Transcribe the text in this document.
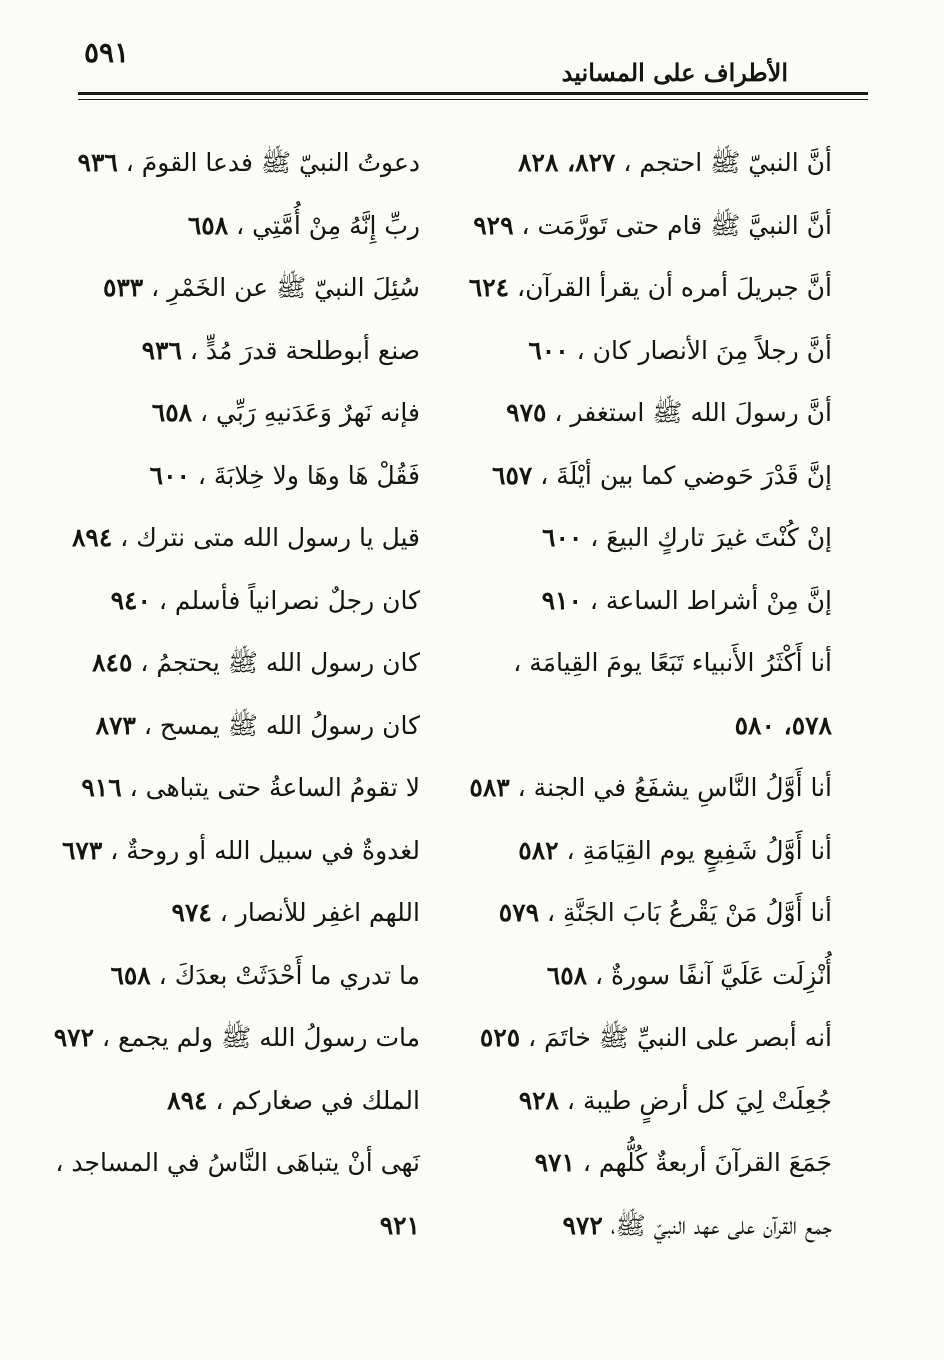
٥٩١
الأطراف على المسانيد
أنَّ النبيّ ﷺ احتجم ، ٨٢٧، ٨٢٨
أنَّ النبيَّ ﷺ قام حتى تَورَّمَت ، ٩٢٩
أنَّ جبريلَ أمره أن يقرأ القرآن، ٦٢٤
أنَّ رجلاً مِنَ الأنصار كان ، ٦٠٠
أنَّ رسولَ الله ﷺ استغفر ، ٩٧٥
إنَّ قَدْرَ حَوضي كما بين أيْلَةَ ، ٦٥٧
إنْ كُنْتَ غيرَ تاركٍ البيعَ ، ٦٠٠
إنَّ مِنْ أشراط الساعة ، ٩١٠
أنا أَكْثَرُ الأَنبياء تَبَعًا يومَ القِيامَة ،
٥٧٨، ٥٨٠
أنا أَوَّلُ النَّاسِ يشفَعُ في الجنة ، ٥٨٣
أنا أَوَّلُ شَفِيعٍ يوم القِيَامَةِ ، ٥٨٢
أنا أَوَّلُ مَنْ يَقْرعُ بَابَ الجَنَّةِ ، ٥٧٩
أُنْزِلَت عَلَيَّ آنفًا سورةٌ ، ٦٥٨
أنه أبصر على النبيِّ ﷺ خاتَمَ ، ٥٢٥
جُعِلَتْ لِيَ كل أرضٍ طيبة ، ٩٢٨
جَمَعَ القرآنَ أربعةٌ كُلُّهم ، ٩٧١
جمع القرآن على عهد النبيّ ﷺ، ٩٧٢
دعوتُ النبيّ ﷺ فدعا القومَ ، ٩٣٦
ربِّ إِنَّهُ مِنْ أُمَّتِي ، ٦٥٨
سُئِلَ النبيّ ﷺ عن الخَمْرِ ، ٥٣٣
صنع أبوطلحة قدرَ مُدٍّ ، ٩٣٦
فإنه نَهرٌ وَعَدَنيهِ رَبِّي ، ٦٥٨
فَقُلْ هَا وهَا ولا خِلابَةَ ، ٦٠٠
قيل يا رسول الله متى نترك ، ٨٩٤
كان رجلٌ نصرانياً فأسلم ، ٩٤٠
كان رسول الله ﷺ يحتجمُ ، ٨٤٥
كان رسولُ الله ﷺ يمسح ، ٨٧٣
لا تقومُ الساعةُ حتى يتباهى ، ٩١٦
لغدوةٌ في سبيل الله أو روحةٌ ، ٦٧٣
اللهم اغفِر للأنصار ، ٩٧٤
ما تدري ما أَحْدَثَتْ بعدَكَ ، ٦٥٨
مات رسولُ الله ﷺ ولم يجمع ، ٩٧٢
الملك في صغاركم ، ٨٩٤
نَهى أنْ يتباهَى النَّاسُ في المساجد ،
٩٢١
